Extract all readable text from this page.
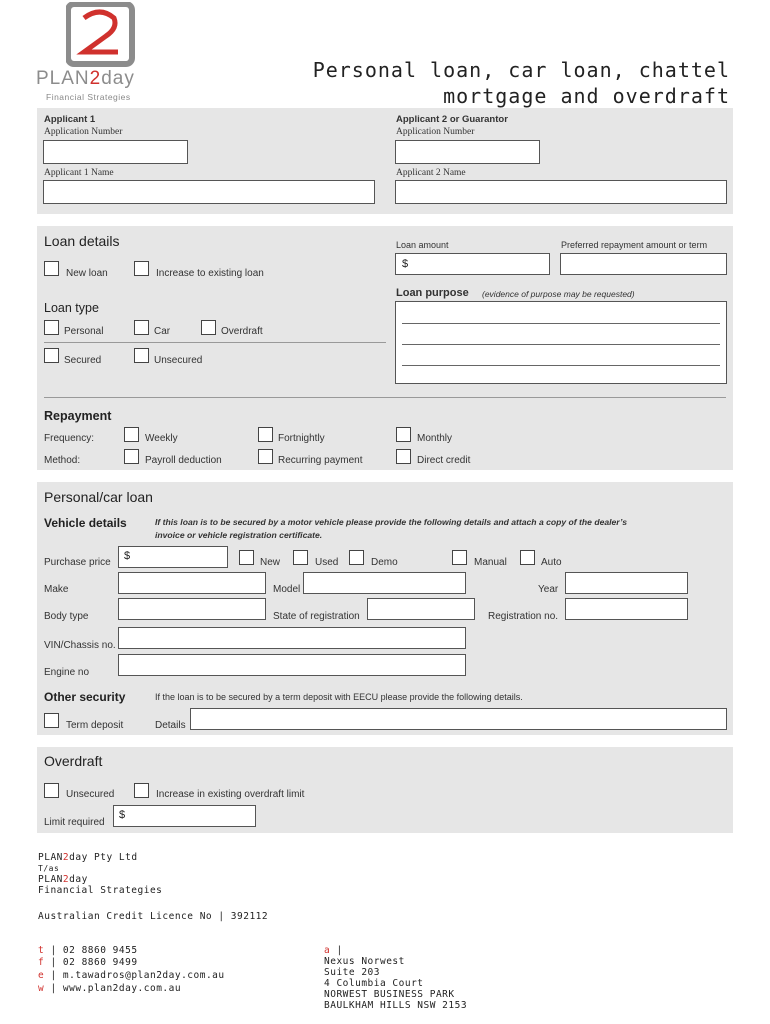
PLAN2day
Financial Strategies
Personal loan, car loan, chattel
mortgage and overdraft
Applicant 1
Application Number
Applicant 1 Name
Applicant 2 or Guarantor
Application Number
Applicant 2 Name
Loan details
New loan	Increase to existing loan
Loan amount
$
Preferred repayment amount or term
Loan purpose (evidence of purpose may be requested)
Loan type
Personal	Car	Overdraft
Secured	Unsecured
Repayment
Frequency:	Weekly	Fortnightly	Monthly
Method:	Payroll deduction	Recurring payment	Direct credit
Personal/car loan
Vehicle details	If this loan is to be secured by a motor vehicle please provide the following details and attach a copy of the dealer’s
invoice or vehicle registration certificate.
Purchase price
$
New	Used	Demo	Manual	Auto
Make	Model	Year
Body type	State of registration	Registration no.
VIN/Chassis no.
Engine no
Other security	If the loan is to be secured by a term deposit with EECU please provide the following details.
Term deposit	Details
Overdraft
Unsecured	Increase in existing overdraft limit
Limit required
$
PLAN2day Pty Ltd
T/as
PLAN2day
Financial Strategies
Australian Credit Licence No | 392112
t | 02 8860 9455
f | 02 8860 9499
e | m.tawadros@plan2day.com.au
w | www.plan2day.com.au
a |
Nexus Norwest
Suite 203
4 Columbia Court
NORWEST BUSINESS PARK
BAULKHAM HILLS NSW 2153
